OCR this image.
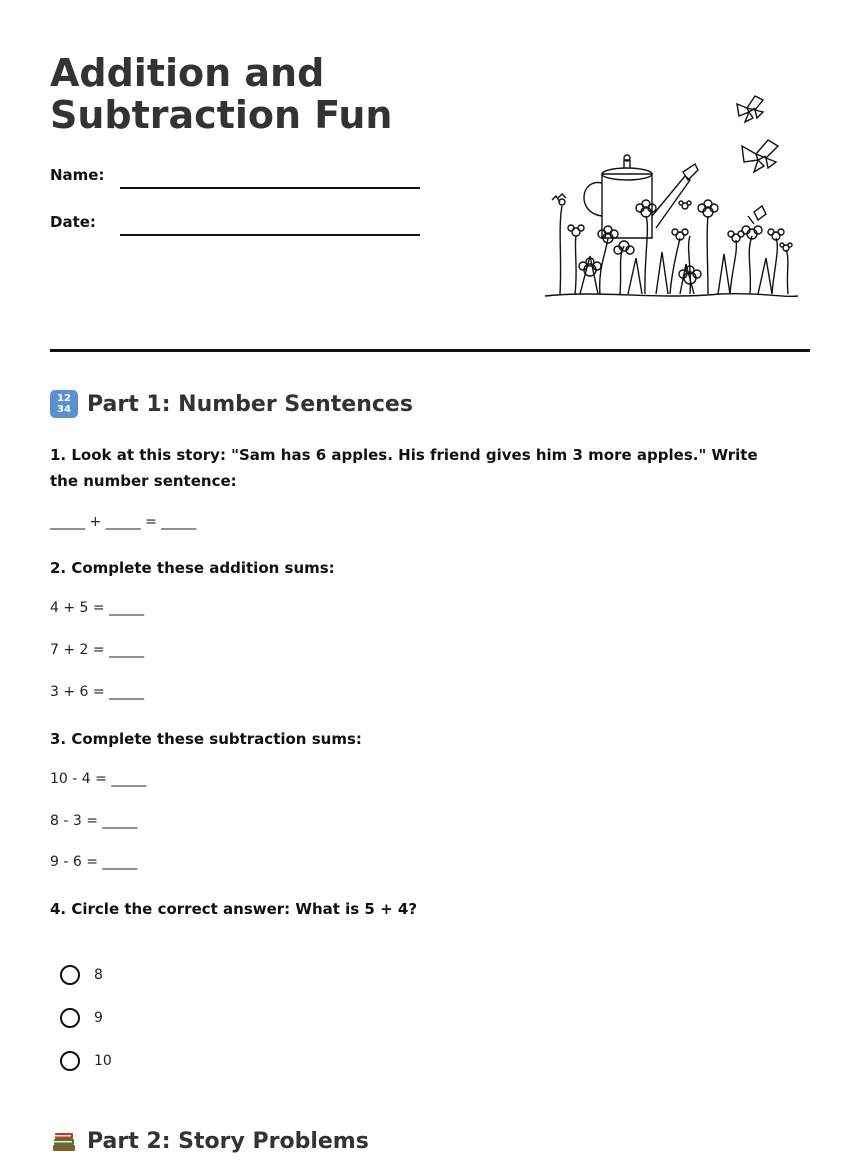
Addition and
Subtraction Fun
Name:
Date:
12
34 Part 1: Number Sentences
1. Look at this story: "Sam has 6 apples. His friend gives him 3 more apples." Write the number sentence:
_____ + _____ = _____
2. Complete these addition sums:
4 + 5 = _____
7 + 2 = _____
3 + 6 = _____
3. Complete these subtraction sums:
10 - 4 = _____
8 - 3 = _____
9 - 6 = _____
4. Circle the correct answer: What is 5 + 4?
8
9
10
Part 2: Story Problems
